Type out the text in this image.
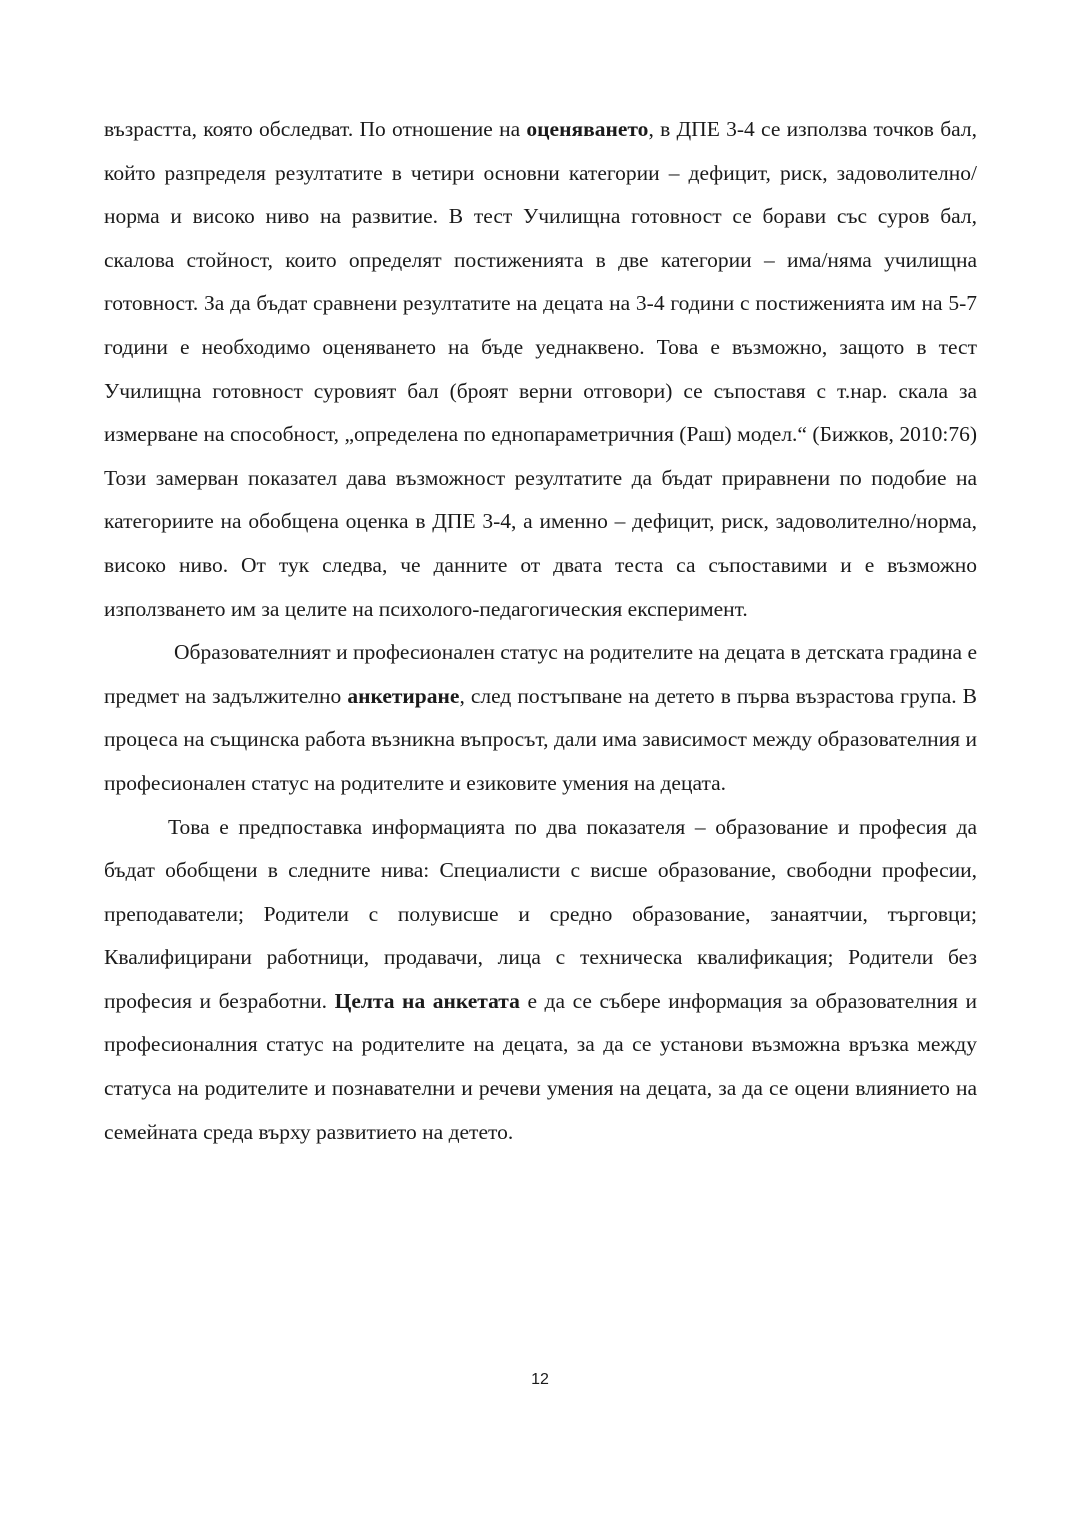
възрастта, която обследват. По отношение на оценяването, в ДПЕ 3-4 се използва точков бал, който разпределя резултатите в четири основни категории – дефицит, риск, задоволително/норма и високо ниво на развитие. В тест Училищна готовност се борави със суров бал, скалова стойност, които определят постиженията в две категории – има/няма училищна готовност. За да бъдат сравнени резултатите на децата на 3-4 години с постиженията им на 5-7 години е необходимо оценяването на бъде уеднаквено. Това е възможно, защото в тест Училищна готовност суровият бал (броят верни отговори) се съпоставя с т.нар. скала за измерване на способност, „определена по еднопараметричния (Раш) модел.“ (Бижков, 2010:76) Този замерван показател дава възможност резултатите да бъдат приравнени по подобие на категориите на обобщена оценка в ДПЕ 3-4, а именно – дефицит, риск, задоволително/норма, високо ниво. От тук следва, че данните от двата теста са съпоставими и е възможно използването им за целите на психолого-педагогическия експеримент.

Образователният и професионален статус на родителите на децата в детската градина е предмет на задължително анкетиране, след постъпване на детето в първа възрастова група. В процеса на същинска работа възникна въпросът, дали има зависимост между образователния и професионален статус на родителите и езиковите умения на децата.

Това е предпоставка информацията по два показателя – образование и професия да бъдат обобщени в следните нива: Специалисти с висше образование, свободни професии, преподаватели; Родители с полувисше и средно образование, занаятчии, търговци; Квалифицирани работници, продавачи, лица с техническа квалификация; Родители без професия и безработни. Целта на анкетата е да се събере информация за образователния и професионалния статус на родителите на децата, за да се установи възможна връзка между статуса на родителите и познавателни и речеви умения на децата, за да се оцени влиянието на семейната среда върху развитието на детето.

12
